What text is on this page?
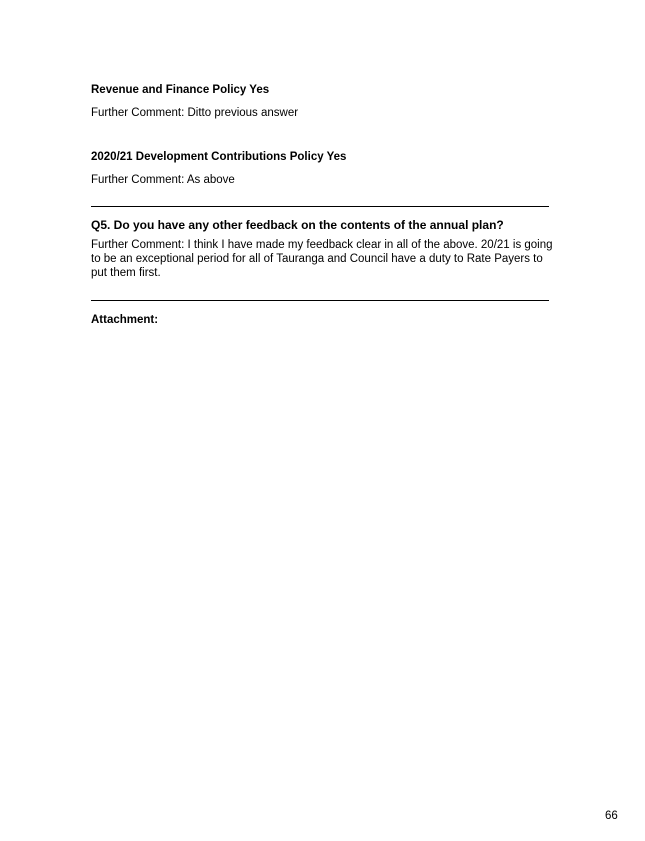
Revenue and Finance Policy Yes
Further Comment: Ditto previous answer
2020/21 Development Contributions Policy Yes
Further Comment: As above
Q5. Do you have any other feedback on the contents of the annual plan?
Further Comment: I think I have made my feedback clear in all of the above. 20/21 is going
to be an exceptional period for all of Tauranga and Council have a duty to Rate Payers to
put them first.
Attachment:
66
